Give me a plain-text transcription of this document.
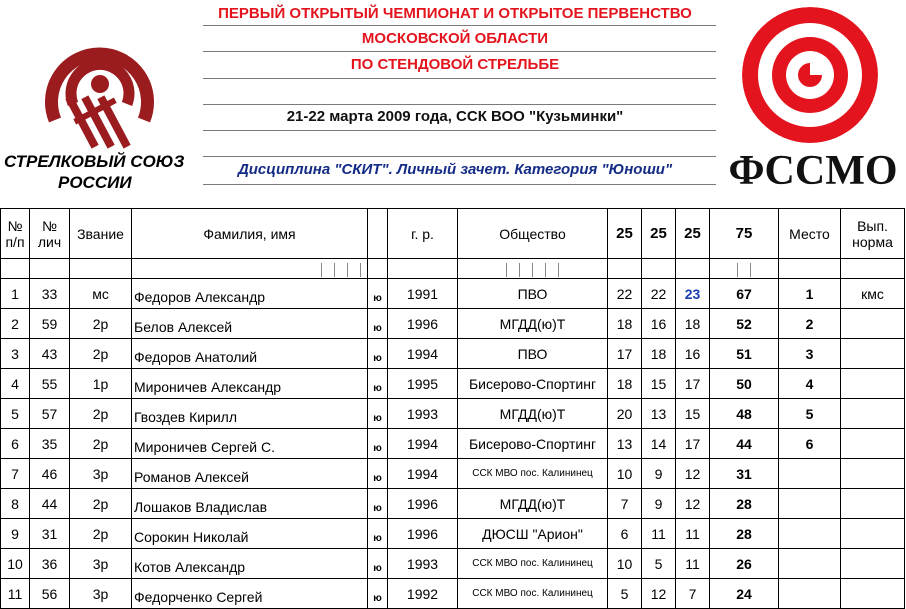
СТРЕЛКОВЫЙ СОЮЗ
РОССИИ
ПЕРВЫЙ ОТКРЫТЫЙ ЧЕМПИОНАТ И ОТКРЫТОЕ ПЕРВЕНСТВО
МОСКОВСКОЙ ОБЛАСТИ
ПО СТЕНДОВОЙ СТРЕЛЬБЕ
21-22 марта 2009 года, ССК ВОО "Кузьминки"
Дисциплина "СКИТ". Личный зачет. Категория "Юноши"	ФССМО
№ п/п	№ лич	Звание	Фамилия, имя		г. р.	Общество	25	25	25	75	Место	Вып. норма

1	33	мс	Федоров Александр	ю	1991	ПВО	22	22	23	67	1	кмс
2	59	2р	Белов Алексей	ю	1996	МГДД(ю)Т	18	16	18	52	2	
3	43	2р	Федоров Анатолий	ю	1994	ПВО	17	18	16	51	3	
4	55	1р	Мироничев Александр	ю	1995	Бисерово-Спортинг	18	15	17	50	4	
5	57	2р	Гвоздев Кирилл	ю	1993	МГДД(ю)Т	20	13	15	48	5	
6	35	2р	Мироничев Сергей С.	ю	1994	Бисерово-Спортинг	13	14	17	44	6	
7	46	3р	Романов Алексей	ю	1994	ССК МВО пос. Калининец	10	9	12	31		
8	44	2р	Лошаков Владислав	ю	1996	МГДД(ю)Т	7	9	12	28		
9	31	2р	Сорокин Николай	ю	1996	ДЮСШ "Арион"	6	11	11	28		
10	36	3р	Котов Александр	ю	1993	ССК МВО пос. Калининец	10	5	11	26		
11	56	3р	Федорченко Сергей	ю	1992	ССК МВО пос. Калининец	5	12	7	24		
